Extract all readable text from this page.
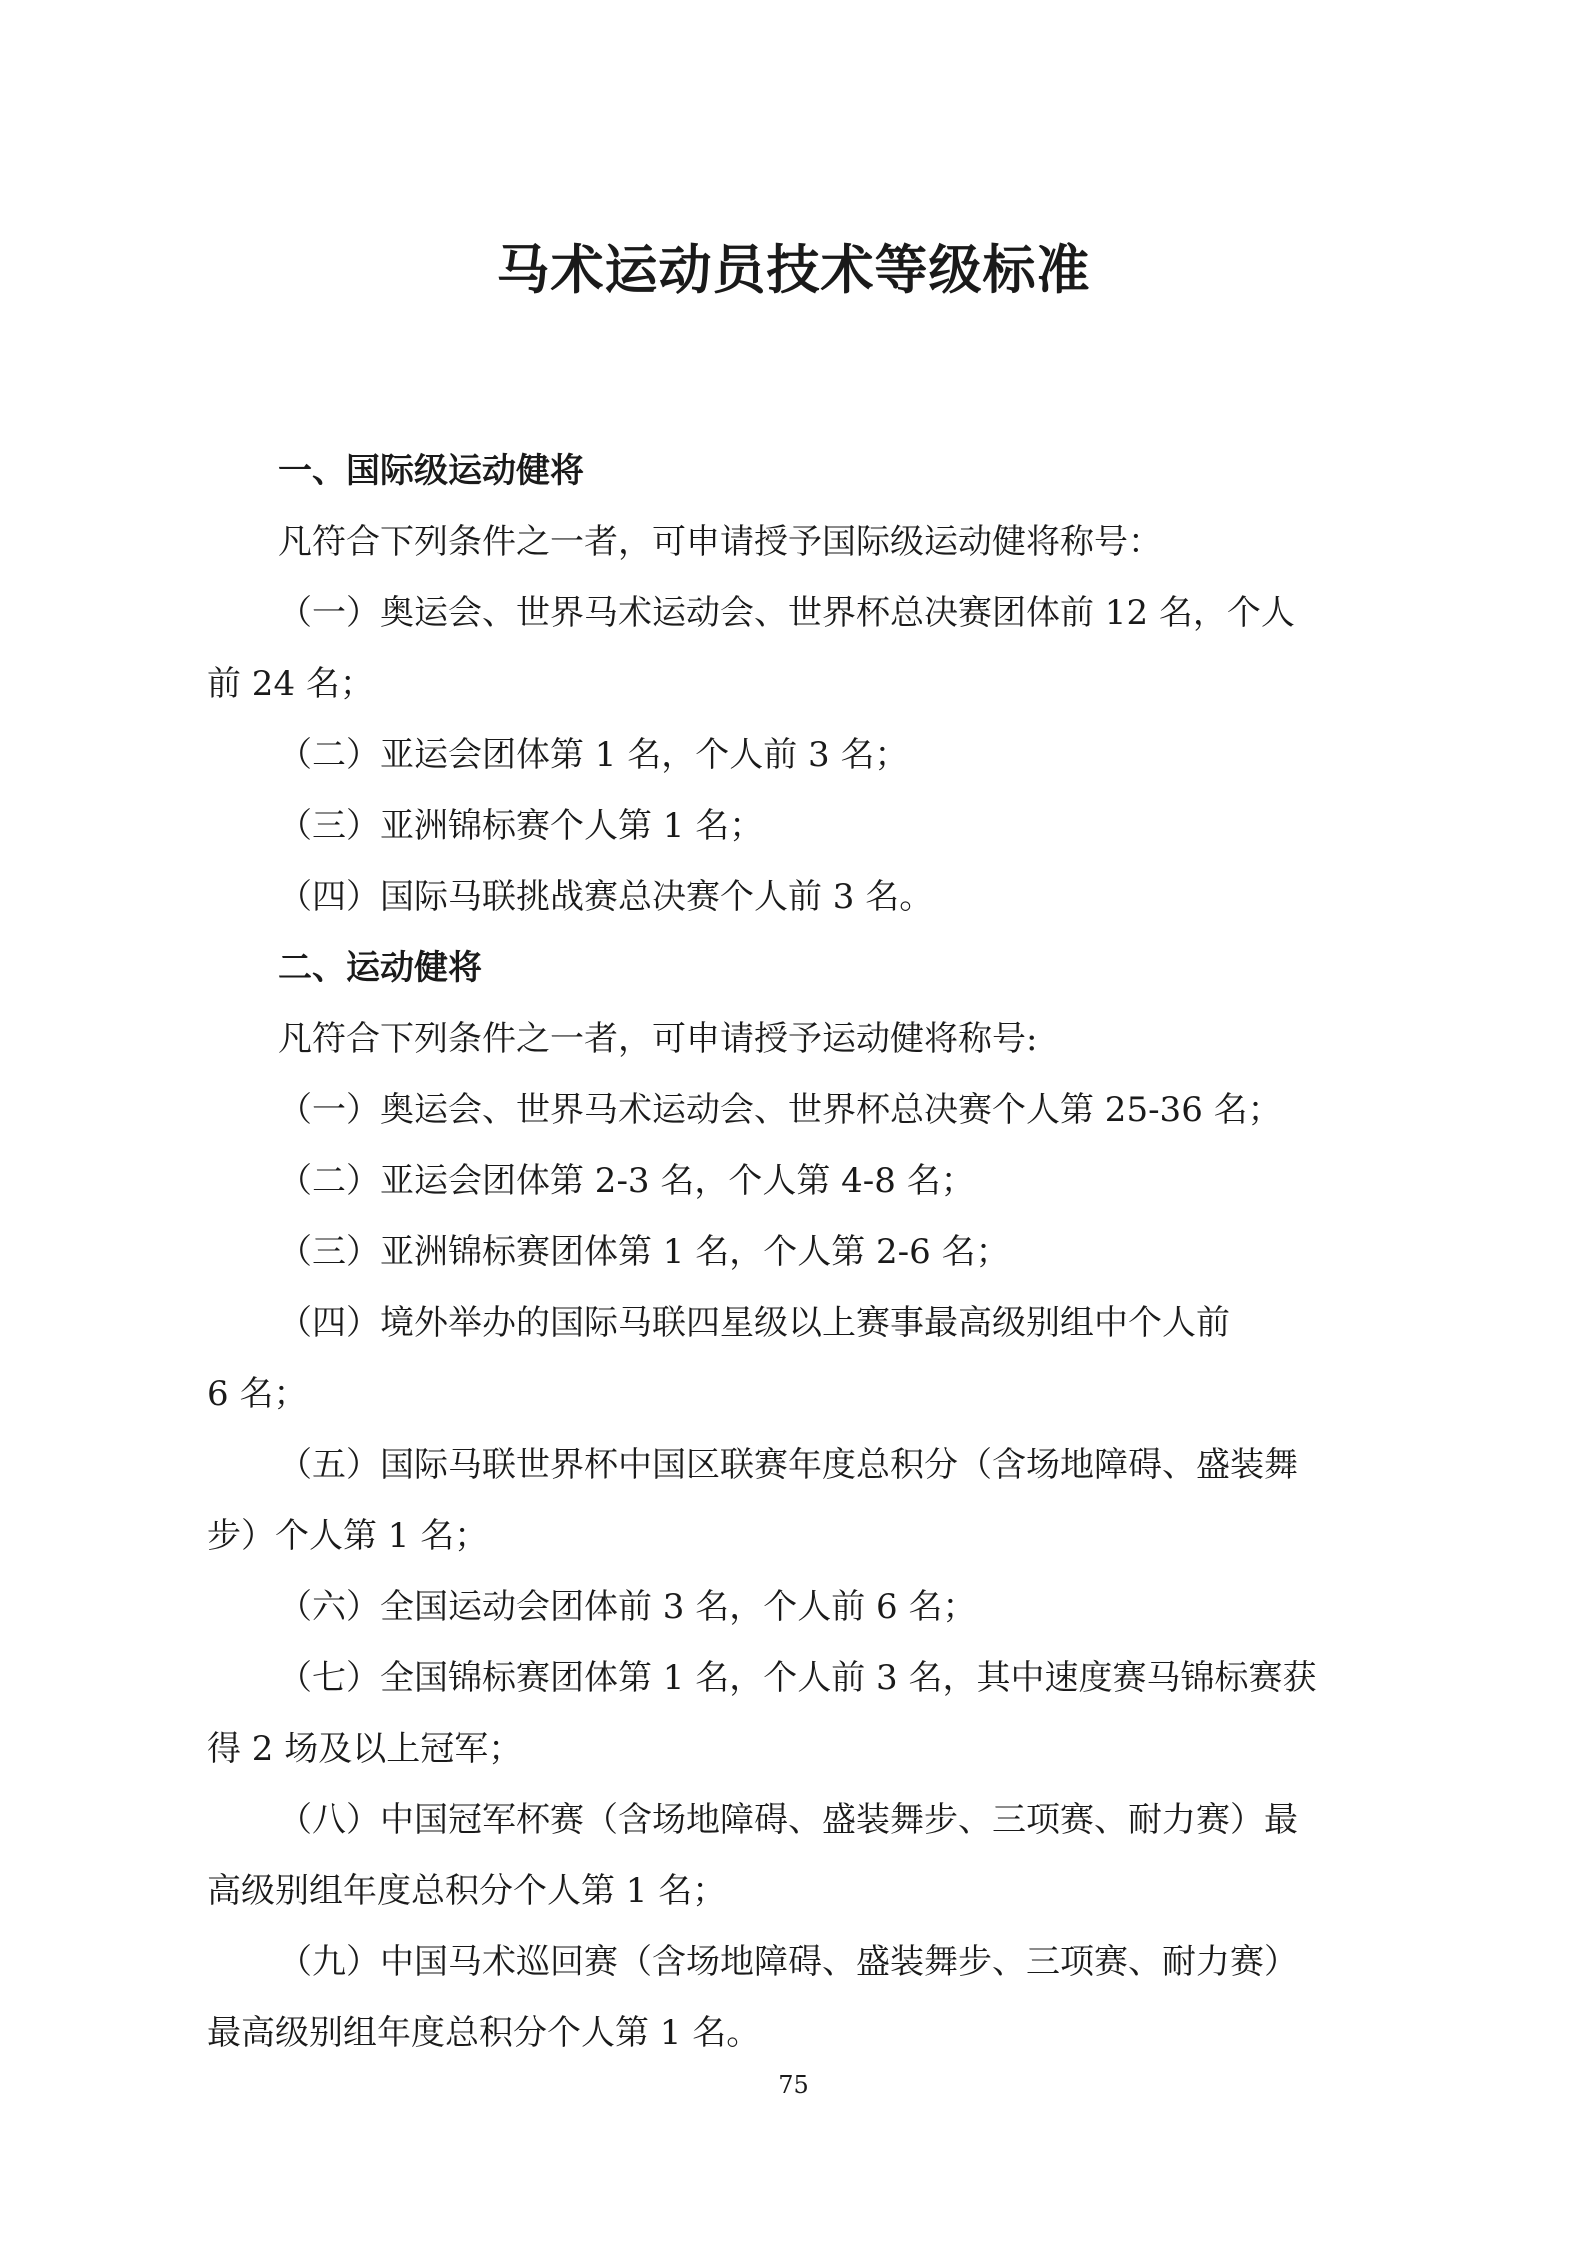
马术运动员技术等级标准

一、国际级运动健将

凡符合下列条件之一者，可申请授予国际级运动健将称号：

（一）奥运会、世界马术运动会、世界杯总决赛团体前 12 名，个人

前 24 名；

（二）亚运会团体第 1 名，个人前 3 名；

（三）亚洲锦标赛个人第 1 名；

（四）国际马联挑战赛总决赛个人前 3 名。

二、运动健将

凡符合下列条件之一者，可申请授予运动健将称号:

（一）奥运会、世界马术运动会、世界杯总决赛个人第 25-36 名；

（二）亚运会团体第 2-3 名，个人第 4-8 名；

（三）亚洲锦标赛团体第 1 名，个人第 2-6 名；

（四）境外举办的国际马联四星级以上赛事最高级别组中个人前

6 名；

（五）国际马联世界杯中国区联赛年度总积分（含场地障碍、盛装舞

步）个人第 1 名；

（六）全国运动会团体前 3 名，个人前 6 名；

（七）全国锦标赛团体第 1 名，个人前 3 名，其中速度赛马锦标赛获

得 2 场及以上冠军；

（八）中国冠军杯赛（含场地障碍、盛装舞步、三项赛、耐力赛）最

高级别组年度总积分个人第 1 名；

（九）中国马术巡回赛（含场地障碍、盛装舞步、三项赛、耐力赛）

最高级别组年度总积分个人第 1 名。

75
